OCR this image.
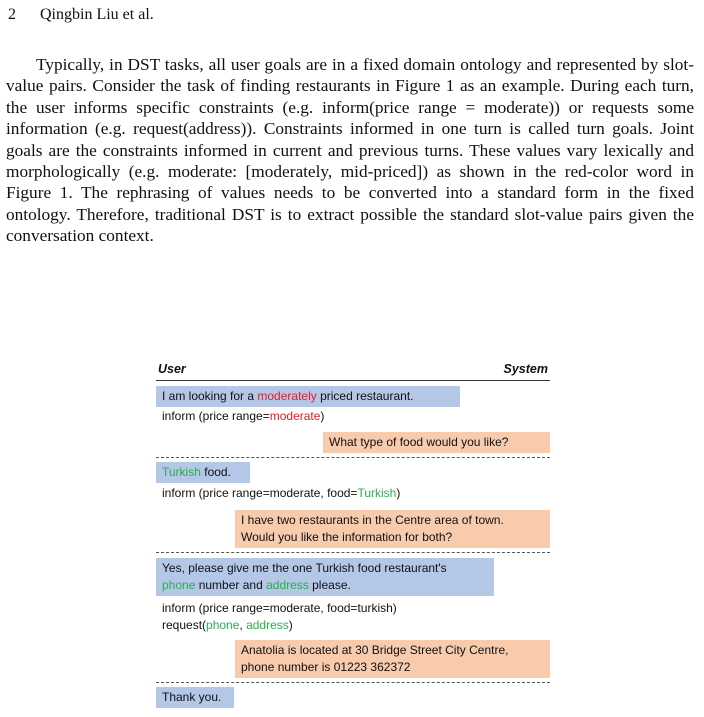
2 Qingbin Liu et al.

Typically, in DST tasks, all user goals are in a fixed domain ontology and represented by slot-value pairs. Consider the task of finding restaurants in Figure 1 as an example. During each turn, the user informs specific constraints (e.g. inform(price range = moderate)) or requests some information (e.g. request(address)). Constraints informed in one turn is called turn goals. Joint goals are the constraints informed in current and previous turns. These values vary lexically and morphologically (e.g. moderate: [moderately, mid-priced]) as shown in the red-color word in Figure 1. The rephrasing of values needs to be converted into a standard form in the fixed ontology. Therefore, traditional DST is to extract possible the standard slot-value pairs given the conversation context.

User	System
I am looking for a moderately priced restaurant.
inform (price range=moderate)
What type of food would you like?
Turkish food.
inform (price range=moderate, food=Turkish)
I have two restaurants in the Centre area of town.
Would you like the information for both?
Yes, please give me the one Turkish food restaurant's
phone number and address please.
inform (price range=moderate, food=turkish)
request(phone, address)
Anatolia is located at 30 Bridge Street City Centre,
phone number is 01223 362372
Thank you.
